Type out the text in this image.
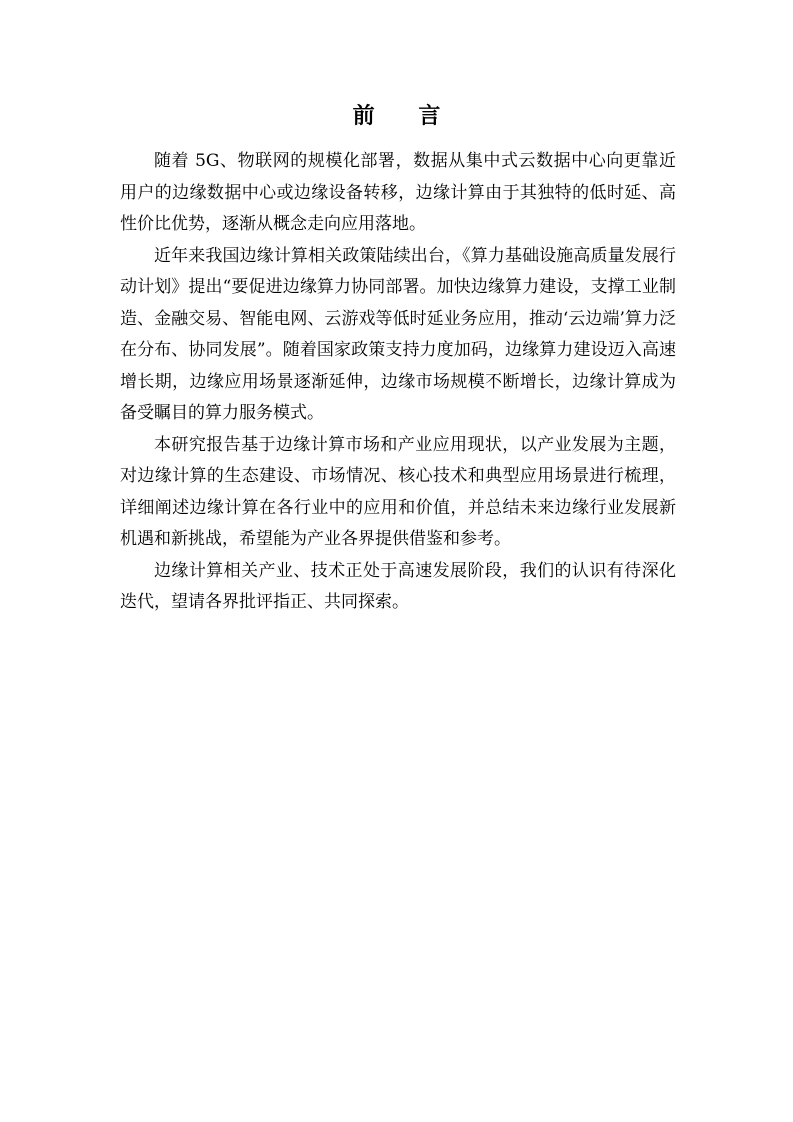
前 言

随着 5G、物联网的规模化部署，数据从集中式云数据中心向更靠近用户的边缘数据中心或边缘设备转移，边缘计算由于其独特的低时延、高性价比优势，逐渐从概念走向应用落地。

近年来我国边缘计算相关政策陆续出台，《算力基础设施高质量发展行动计划》提出“要促进边缘算力协同部署。加快边缘算力建设，支撑工业制造、金融交易、智能电网、云游戏等低时延业务应用，推动‘云边端’算力泛在分布、协同发展”。随着国家政策支持力度加码，边缘算力建设迈入高速增长期，边缘应用场景逐渐延伸，边缘市场规模不断增长，边缘计算成为备受瞩目的算力服务模式。

本研究报告基于边缘计算市场和产业应用现状，以产业发展为主题，对边缘计算的生态建设、市场情况、核心技术和典型应用场景进行梳理，详细阐述边缘计算在各行业中的应用和价值，并总结未来边缘行业发展新机遇和新挑战，希望能为产业各界提供借鉴和参考。

边缘计算相关产业、技术正处于高速发展阶段，我们的认识有待深化迭代，望请各界批评指正、共同探索。
